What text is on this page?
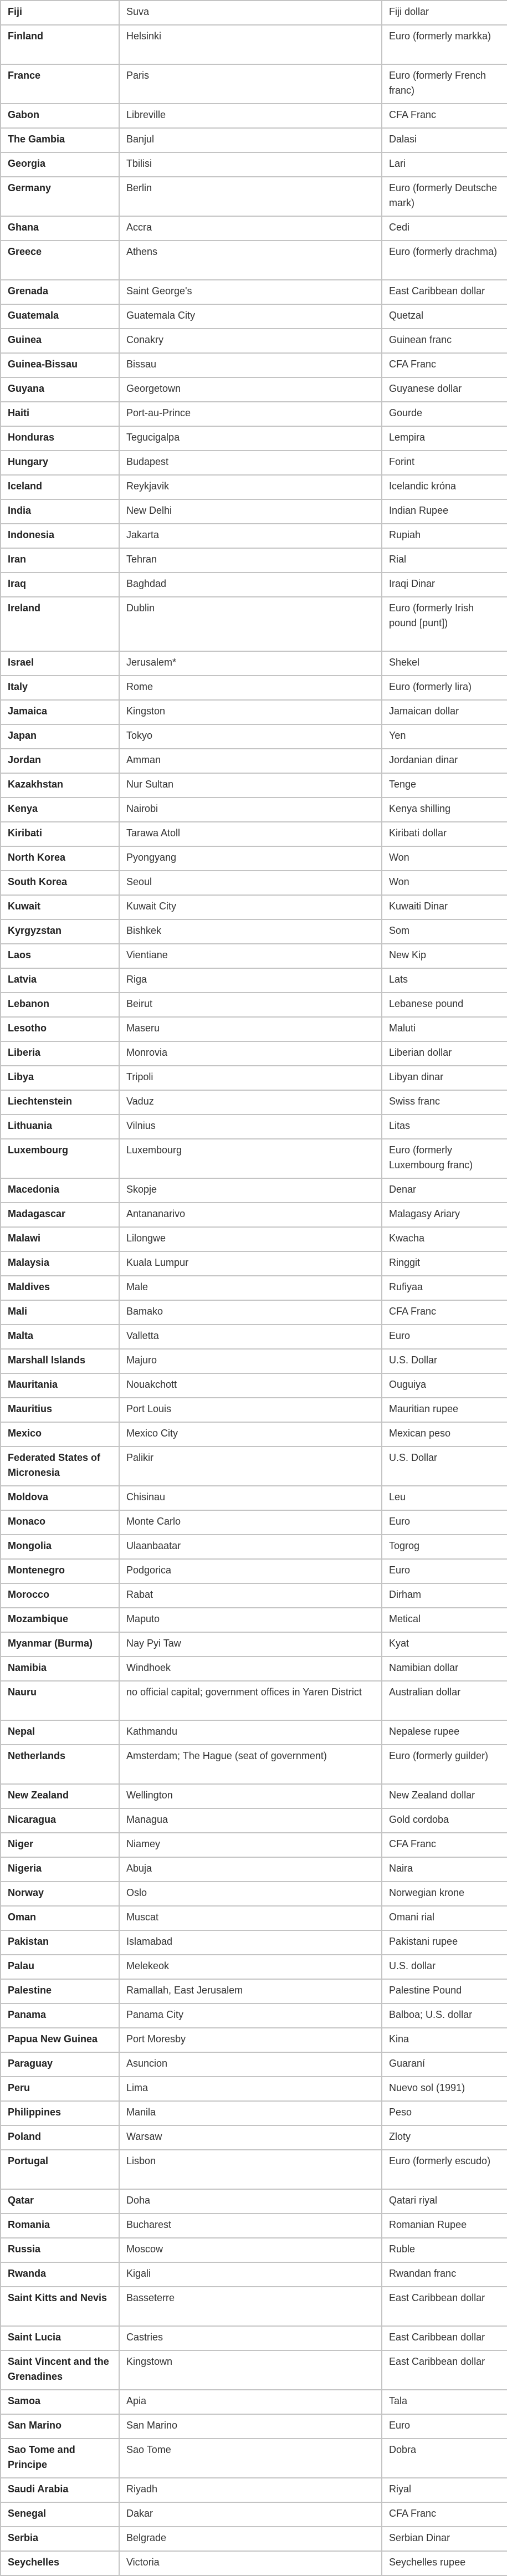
Fiji	Suva	Fiji dollar
Finland	Helsinki	Euro (formerly markka)
France	Paris	Euro (formerly French franc)
Gabon	Libreville	CFA Franc
The Gambia	Banjul	Dalasi
Georgia	Tbilisi	Lari
Germany	Berlin	Euro (formerly Deutsche mark)
Ghana	Accra	Cedi
Greece	Athens	Euro (formerly drachma)
Grenada	Saint George's	East Caribbean dollar
Guatemala	Guatemala City	Quetzal
Guinea	Conakry	Guinean franc
Guinea-Bissau	Bissau	CFA Franc
Guyana	Georgetown	Guyanese dollar
Haiti	Port-au-Prince	Gourde
Honduras	Tegucigalpa	Lempira
Hungary	Budapest	Forint
Iceland	Reykjavik	Icelandic króna
India	New Delhi	Indian Rupee
Indonesia	Jakarta	Rupiah
Iran	Tehran	Rial
Iraq	Baghdad	Iraqi Dinar
Ireland	Dublin	Euro (formerly Irish pound [punt])
Israel	Jerusalem*	Shekel
Italy	Rome	Euro (formerly lira)
Jamaica	Kingston	Jamaican dollar
Japan	Tokyo	Yen
Jordan	Amman	Jordanian dinar
Kazakhstan	Nur Sultan	Tenge
Kenya	Nairobi	Kenya shilling
Kiribati	Tarawa Atoll	Kiribati dollar
North Korea	Pyongyang	Won
South Korea	Seoul	Won
Kuwait	Kuwait City	Kuwaiti Dinar
Kyrgyzstan	Bishkek	Som
Laos	Vientiane	New Kip
Latvia	Riga	Lats
Lebanon	Beirut	Lebanese pound
Lesotho	Maseru	Maluti
Liberia	Monrovia	Liberian dollar
Libya	Tripoli	Libyan dinar
Liechtenstein	Vaduz	Swiss franc
Lithuania	Vilnius	Litas
Luxembourg	Luxembourg	Euro (formerly Luxembourg franc)
Macedonia	Skopje	Denar
Madagascar	Antananarivo	Malagasy Ariary
Malawi	Lilongwe	Kwacha
Malaysia	Kuala Lumpur	Ringgit
Maldives	Male	Rufiyaa
Mali	Bamako	CFA Franc
Malta	Valletta	Euro
Marshall Islands	Majuro	U.S. Dollar
Mauritania	Nouakchott	Ouguiya
Mauritius	Port Louis	Mauritian rupee
Mexico	Mexico City	Mexican peso
Federated States of Micronesia	Palikir	U.S. Dollar
Moldova	Chisinau	Leu
Monaco	Monte Carlo	Euro
Mongolia	Ulaanbaatar	Togrog
Montenegro	Podgorica	Euro
Morocco	Rabat	Dirham
Mozambique	Maputo	Metical
Myanmar (Burma)	Nay Pyi Taw	Kyat
Namibia	Windhoek	Namibian dollar
Nauru	no official capital; government offices in Yaren District	Australian dollar
Nepal	Kathmandu	Nepalese rupee
Netherlands	Amsterdam; The Hague (seat of government)	Euro (formerly guilder)
New Zealand	Wellington	New Zealand dollar
Nicaragua	Managua	Gold cordoba
Niger	Niamey	CFA Franc
Nigeria	Abuja	Naira
Norway	Oslo	Norwegian krone
Oman	Muscat	Omani rial
Pakistan	Islamabad	Pakistani rupee
Palau	Melekeok	U.S. dollar
Palestine	Ramallah, East Jerusalem	Palestine Pound
Panama	Panama City	Balboa; U.S. dollar
Papua New Guinea	Port Moresby	Kina
Paraguay	Asuncion	Guaraní
Peru	Lima	Nuevo sol (1991)
Philippines	Manila	Peso
Poland	Warsaw	Zloty
Portugal	Lisbon	Euro (formerly escudo)
Qatar	Doha	Qatari riyal
Romania	Bucharest	Romanian Rupee
Russia	Moscow	Ruble
Rwanda	Kigali	Rwandan franc
Saint Kitts and Nevis	Basseterre	East Caribbean dollar
Saint Lucia	Castries	East Caribbean dollar
Saint Vincent and the Grenadines	Kingstown	East Caribbean dollar
Samoa	Apia	Tala
San Marino	San Marino	Euro
Sao Tome and Principe	Sao Tome	Dobra
Saudi Arabia	Riyadh	Riyal
Senegal	Dakar	CFA Franc
Serbia	Belgrade	Serbian Dinar
Seychelles	Victoria	Seychelles rupee
